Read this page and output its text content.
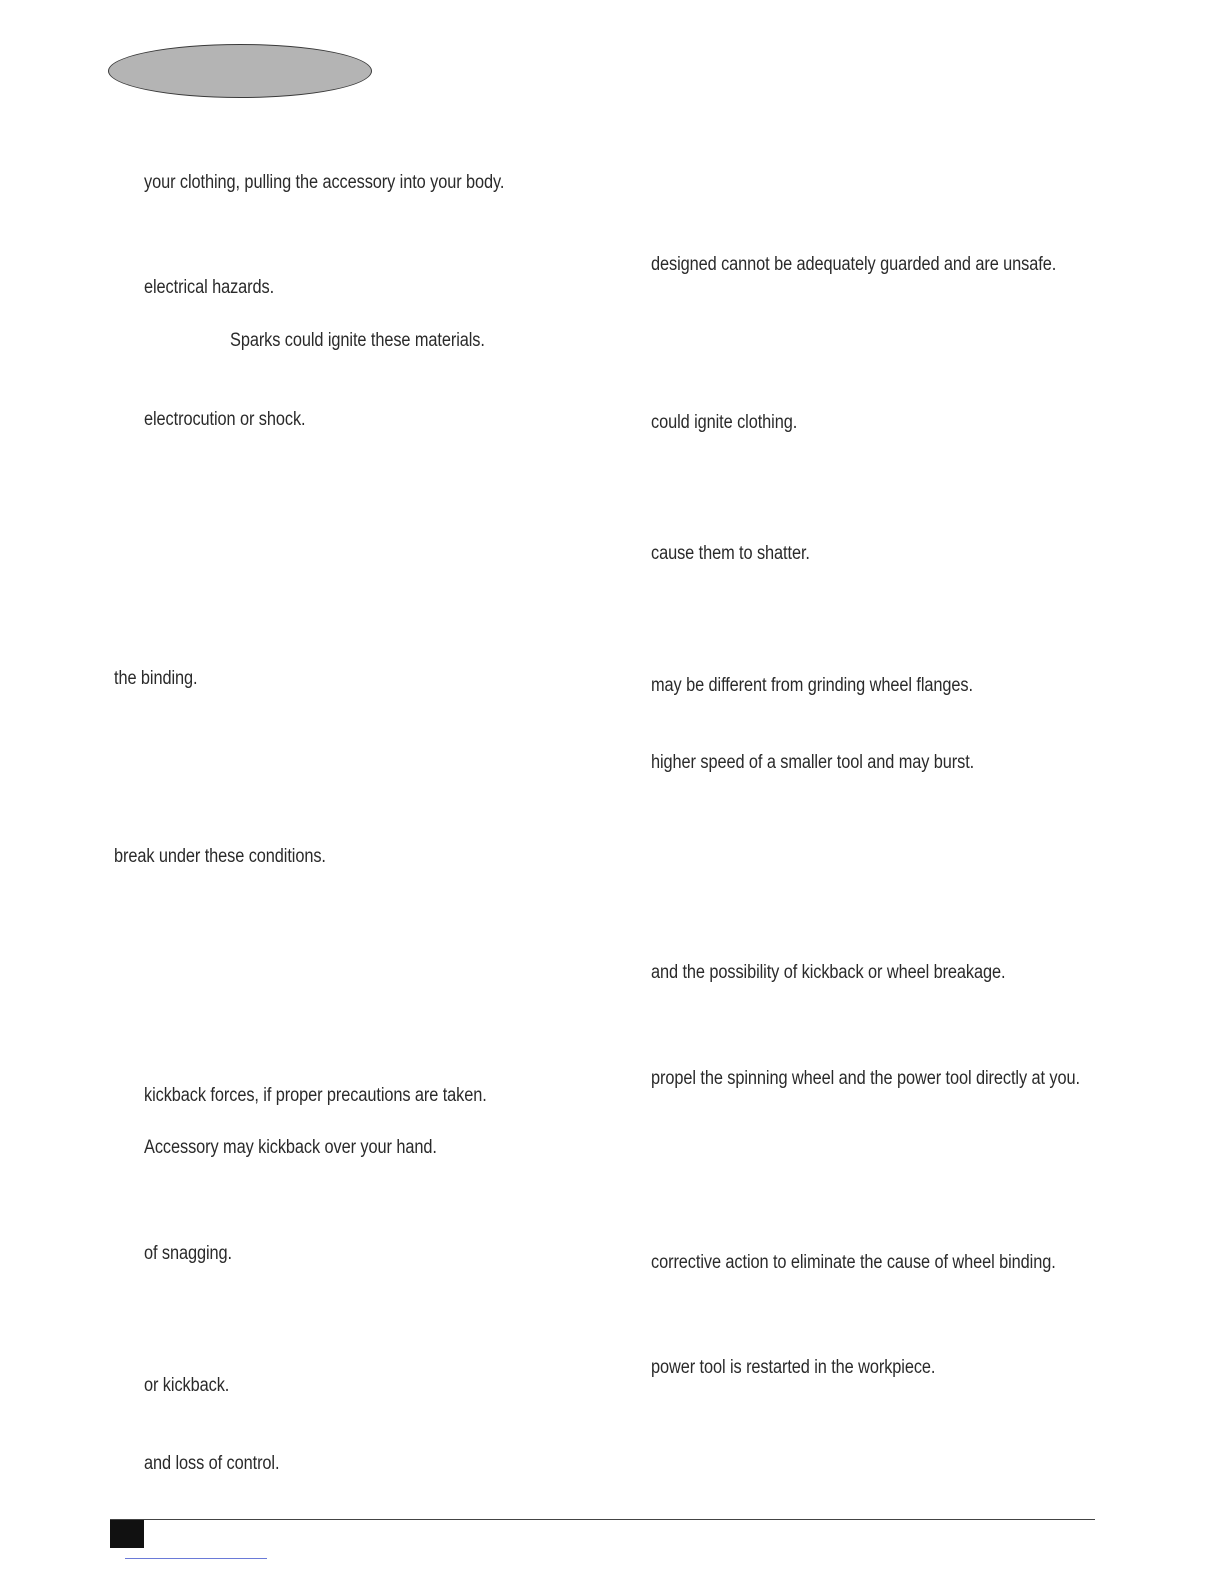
your clothing, pulling the accessory into your body.
electrical hazards.
Sparks could ignite these materials.
electrocution or shock.
the binding.
break under these conditions.
kickback forces, if proper precautions are taken.
Accessory may kickback over your hand.
of snagging.
or kickback.
and loss of control.
designed cannot be adequately guarded and are unsafe.
could ignite clothing.
cause them to shatter.
may be different from grinding wheel flanges.
higher speed of a smaller tool and may burst.
and the possibility of kickback or wheel breakage.
propel the spinning wheel and the power tool directly at you.
corrective action to eliminate the cause of wheel binding.
power tool is restarted in the workpiece.
